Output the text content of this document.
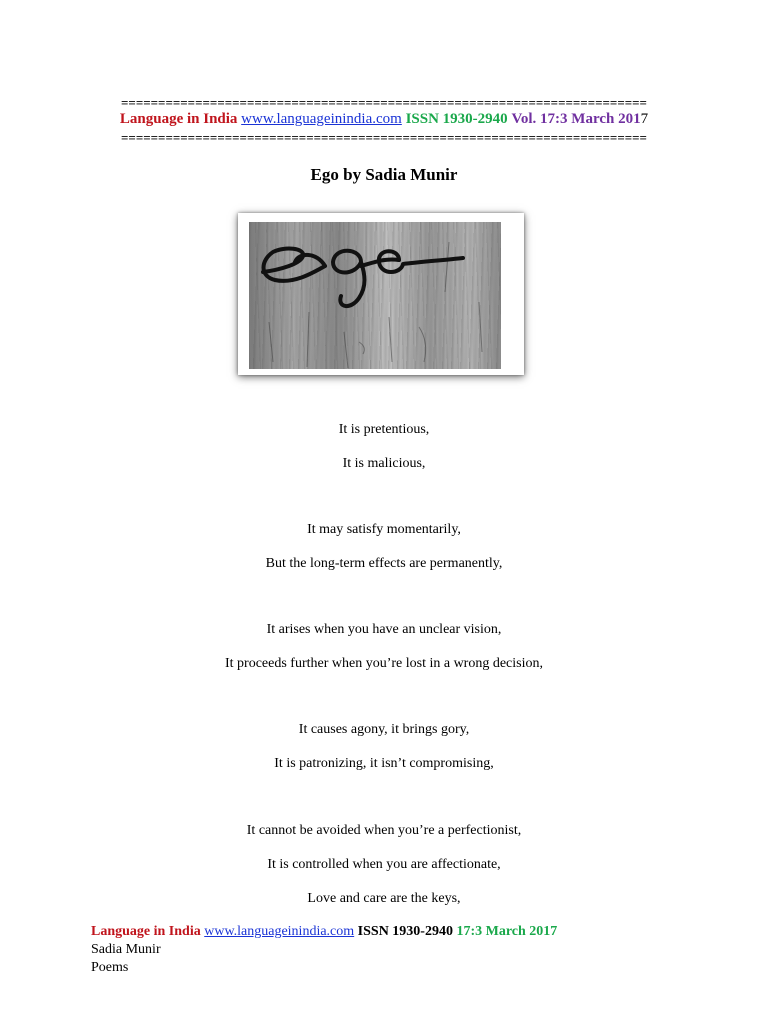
=======================================================================
Language in India www.languageinindia.com ISSN 1930-2940 Vol. 17:3 March 2017
=======================================================================
Ego by Sadia Munir
It is pretentious,
It is malicious,
It may satisfy momentarily,
But the long-term effects are permanently,
It arises when you have an unclear vision,
It proceeds further when you’re lost in a wrong decision,
It causes agony, it brings gory,
It is patronizing, it isn’t compromising,
It cannot be avoided when you’re a perfectionist,
It is controlled when you are affectionate,
Love and care are the keys,
Language in India www.languageinindia.com ISSN 1930-2940 17:3 March 2017
Sadia Munir
Poems
